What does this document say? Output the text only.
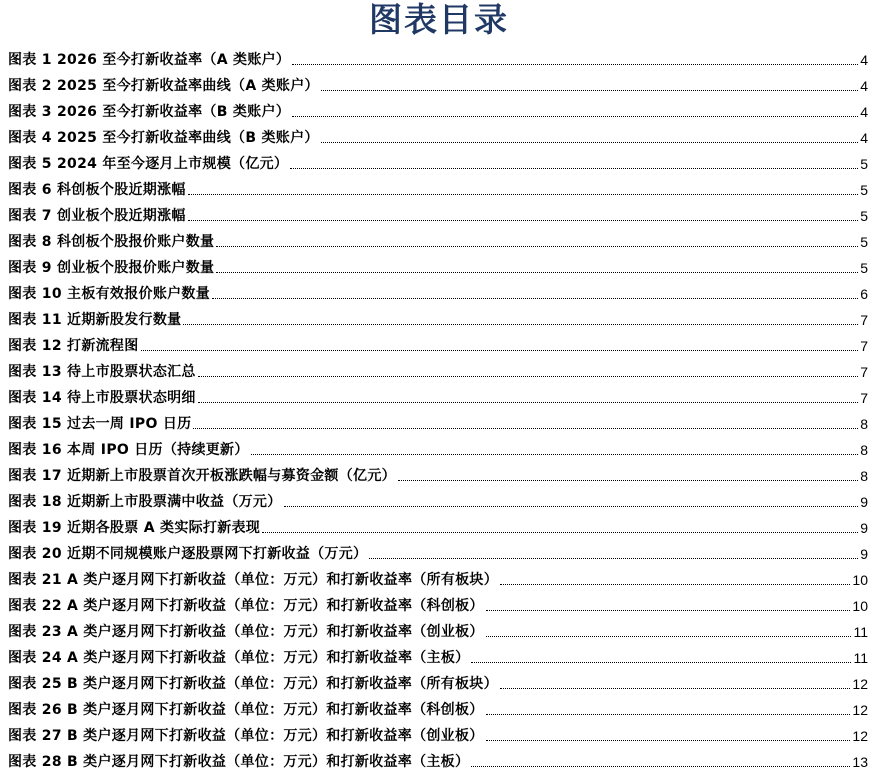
图表目录
图表 1 2026 至今打新收益率（A 类账户）	4
图表 2 2025 至今打新收益率曲线（A 类账户）	4
图表 3 2026 至今打新收益率（B 类账户）	4
图表 4 2025 至今打新收益率曲线（B 类账户）	4
图表 5 2024 年至今逐月上市规模（亿元）	5
图表 6 科创板个股近期涨幅	5
图表 7 创业板个股近期涨幅	5
图表 8 科创板个股报价账户数量	5
图表 9 创业板个股报价账户数量	5
图表 10 主板有效报价账户数量	6
图表 11 近期新股发行数量	7
图表 12 打新流程图	7
图表 13 待上市股票状态汇总	7
图表 14 待上市股票状态明细	7
图表 15 过去一周 IPO 日历	8
图表 16 本周 IPO 日历（持续更新）	8
图表 17 近期新上市股票首次开板涨跌幅与募资金额（亿元）	8
图表 18 近期新上市股票满中收益（万元）	9
图表 19 近期各股票 A 类实际打新表现	9
图表 20 近期不同规模账户逐股票网下打新收益（万元）	9
图表 21 A 类户逐月网下打新收益（单位：万元）和打新收益率（所有板块）	10
图表 22 A 类户逐月网下打新收益（单位：万元）和打新收益率（科创板）	10
图表 23 A 类户逐月网下打新收益（单位：万元）和打新收益率（创业板）	11
图表 24 A 类户逐月网下打新收益（单位：万元）和打新收益率（主板）	11
图表 25 B 类户逐月网下打新收益（单位：万元）和打新收益率（所有板块）	12
图表 26 B 类户逐月网下打新收益（单位：万元）和打新收益率（科创板）	12
图表 27 B 类户逐月网下打新收益（单位：万元）和打新收益率（创业板）	12
图表 28 B 类户逐月网下打新收益（单位：万元）和打新收益率（主板）	13
